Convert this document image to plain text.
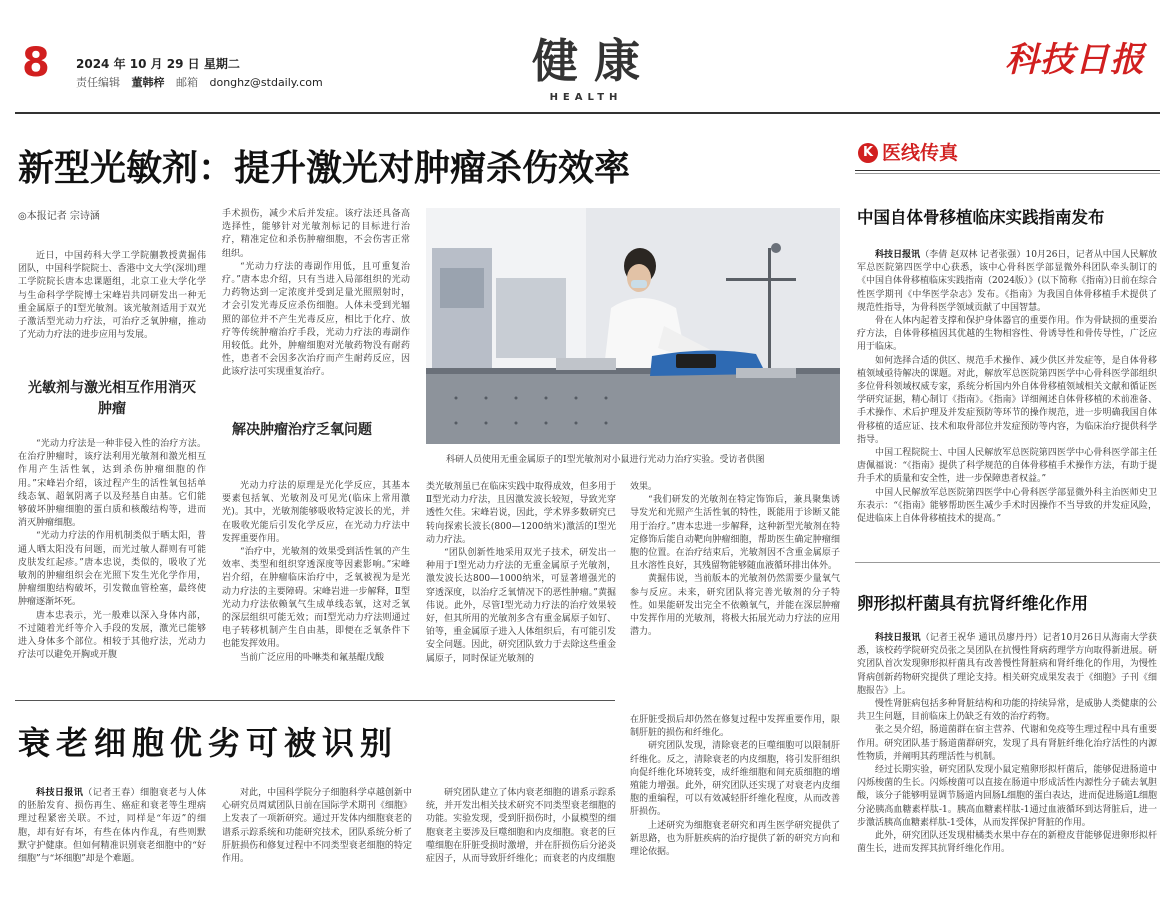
8 2024 年 10 月 29 日 星期二
责任编辑 董韩梓 邮箱 donghz@stdaily.com	健 康
HEALTH
科技日报
新型光敏剂：提升激光对肿瘤杀伤效率
◎本报记者 宗诗涵
近日，中国药科大学工学院蒯教授黄掘伟团队，中国科学院院士、香港中文大学(深圳)理工学院院长唐本忠课题组，北京工业大学化学与生命科学学院博士宋峰岩共同研发出一种无重金属原子的Ⅰ型光敏剂。该光敏剂适用于双光子激活型光动力疗法，可治疗乏氧肿瘤，推动了光动力疗法的进步应用与发展。
光敏剂与激光相互作用消灭肿瘤

“光动力疗法是一种非侵入性的治疗方法。在治疗肿瘤时，该疗法利用光敏剂和激光相互作用产生活性氧，达到杀伤肿瘤细胞的作用。”宋峰岩介绍，该过程产生的活性氧包括单线态氧、超氧阴离子以及羟基自由基。它们能够破坏肿瘤细胞的蛋白质和核酸结构等，进而消灭肿瘤细胞。

“光动力疗法的作用机制类似于晒太阳，普通人晒太阳没有问题，而光过敏人群则有可能皮肤发红起疹。”唐本忠说，类似的，吸收了光敏剂的肿瘤组织会在光照下发生光化学作用，肿瘤细胞结构破坏，引发微血管栓塞，最终使肿瘤逐渐坏死。

唐本忠表示，光一般难以深入身体内部，不过随着光纤等介入手段的发展，激光已能够进入身体多个部位。相较于其他疗法，光动力疗法可以避免开胸或开腹

手术损伤，减少术后并发症。该疗法还具备高选择性，能够针对光敏剂标记的目标进行治疗，精准定位和杀伤肿瘤细胞，不会伤害正常组织。

“光动力疗法的毒副作用低，且可重复治疗。”唐本忠介绍，只有当进入局部组织的光动力药物达到一定浓度并受到足量光照照射时，才会引发光毒反应杀伤细胞。人体未受到光辐照的部位并不产生光毒反应，相比于化疗、放疗等传统肿瘤治疗手段，光动力疗法的毒副作用较低。此外，肿瘤细胞对光敏药物没有耐药性，患者不会因多次治疗而产生耐药反应，因此该疗法可实现重复治疗。

解决肿瘤治疗乏氧问题

光动力疗法的原理是光化学反应，其基本要素包括氧、光敏剂及可见光(临床上常用激光)。其中，光敏剂能够吸收特定波长的光，并在吸收光能后引发化学反应，在光动力疗法中发挥重要作用。

“治疗中，光敏剂的效果受到活性氧的产生效率、类型和组织穿透深度等因素影响。”宋峰岩介绍，在肿瘤临床治疗中，乏氧被视为是光动力疗法的主要障碍。宋峰岩进一步解释，Ⅱ型光动力疗法依赖氧气生成单线态氧，这对乏氧的深层组织可能无效；而Ⅰ型光动力疗法则通过电子转移机制产生自由基，即便在乏氧条件下也能发挥效用。

当前广泛应用的卟啉类和氟基醌戊酸

科研人员使用无重金属原子的Ⅰ型光敏剂对小鼠进行光动力治疗实验。受访者供图

类光敏剂虽已在临床实践中取得成效，但多用于Ⅱ型光动力疗法，且因激发波长较短，导致光穿透性欠佳。宋峰岩说，因此，学术界多数研究已转向探索长波长(800—1200纳米)激活的Ⅰ型光动力疗法。

“团队创新性地采用双光子技术，研发出一种用于Ⅰ型光动力疗法的无重金属原子光敏剂，激发波长达800—1000纳米，可显著增强光的穿透深度，以治疗乏氧情况下的恶性肿瘤。”黄掘伟说。此外，尽管Ⅰ型光动力疗法的治疗效果较好，但其所用的光敏剂多含有重金属原子如钌、铂等，重金属原子进入人体组织后，有可能引发安全问题。因此，研究团队致力于去除这些重金属原子，同时保证光敏剂的

效果。

“我们研发的光敏剂在特定饰饰后，兼具聚集诱导发光和光照产生活性氧的特性，既能用于诊断又能用于治疗。”唐本忠进一步解释，这种新型光敏剂在特定修饰后能自动靶向肿瘤细胞，帮助医生确定肿瘤细胞的位置。在治疗结束后，光敏剂因不含重金属原子且水溶性良好，其残留物能够随血液循环排出体外。

黄掘伟说，当前版本的光敏剂仍然需要少量氧气参与反应。未来，研究团队将完善光敏剂的分子特性。如果能研发出完全不依赖氧气，并能在深层肿瘤中发挥作用的光敏剂，将极大拓展光动力疗法的应用潜力。

衰老细胞优劣可被识别
科技日报讯（记者王春）细胞衰老与人体的胚胎发育、损伤再生、癌症和衰老等生理病理过程紧密关联。不过，同样是“年迈”的细胞，却有好有坏，有些在体内作乱，有些则默默守护健康。但如何精准识别衰老细胞中的“好细胞”与“坏细胞”却是个难题。
对此，中国科学院分子细胞科学卓越创新中心研究员周斌团队日前在国际学术期刊《细胞》上发表了一项新研究。通过开发体内细胞衰老的谱系示踪系统和功能研究技术，团队系统分析了肝脏损伤和修复过程中不同类型衰老细胞的特定作用。
研究团队建立了体内衰老细胞的谱系示踪系统，并开发出相关技术研究不同类型衰老细胞的功能。实验发现，受到肝损伤时，小鼠模型的细胞衰老主要涉及巨噬细胞和内皮细胞。衰老的巨噬细胞在肝脏受损时激增，并在肝损伤后分泌炎症因子，从而导致肝纤维化；而衰老的内皮细胞

在肝脏受损后却仍然在修复过程中发挥重要作用，限制肝脏的损伤和纤维化。

研究团队发现，清除衰老的巨噬细胞可以限制肝纤维化。反之，清除衰老的内皮细胞，将引发肝组织向促纤维化环境转变，成纤维细胞和间充质细胞的增殖能力增强。此外，研究团队还实现了对衰老内皮细胞的重编程，可以有效减轻肝纤维化程度，从而改善肝损伤。

上述研究为细胞衰老研究和再生医学研究提供了新思路，也为肝脏疾病的治疗提供了新的研究方向和理论依据。

K 医线传真
中国自体骨移植临床实践指南发布

科技日报讯（李倩 赵双林 记者张强）10月26日，记者从中国人民解放军总医院第四医学中心获悉，该中心骨科医学部显微外科团队牵头制订的《中国自体骨移植临床实践指南（2024版）》(以下简称《指南》)日前在综合性医学期刊《中华医学杂志》发布。《指南》为我国自体骨移植手术提供了规范性指导，为骨科医学领域贡献了中国智慧。

骨在人体内起着支撑和保护身体器官的重要作用。作为骨缺损的重要治疗方法，自体骨移植因其优越的生物相容性、骨诱导性和骨传导性，广泛应用于临床。

如何选择合适的供区、规范手术操作、减少供区并发症等，是自体骨移植领域亟待解决的课题。对此，解放军总医院第四医学中心骨科医学部组织多位骨科领域权威专家，系统分析国内外自体骨移植领域相关文献和循证医学研究证据，精心制订《指南》。《指南》详细阐述自体骨移植的术前准备、手术操作、术后护理及并发症预防等环节的操作规范，进一步明确我国自体骨移植的适应证、技术和取骨部位并发症预防等内容，为临床治疗提供科学指导。

中国工程院院士、中国人民解放军总医院第四医学中心骨科医学部主任唐佩福说：“《指南》提供了科学规范的自体骨移植手术操作方法，有助于提升手术的质量和安全性，进一步保障患者权益。”

中国人民解放军总医院第四医学中心骨科医学部显微外科主治医师史卫东表示：“《指南》能够帮助医生减少手术时因操作不当导致的并发症风险，促进临床上自体骨移植技术的提高。”

卵形拟杆菌具有抗肾纤维化作用

科技日报讯（记者王祝华 通讯员廖丹丹）记者10月26日从海南大学获悉，该校药学院研究员张之昊团队在抗慢性肾病药理学方向取得新进展。研究团队首次发现卵形拟杆菌具有改善慢性肾脏病和肾纤维化的作用，为慢性肾病创新药物研究提供了理论支持。相关研究成果发表于《细胞》子刊《细胞报告》上。

慢性肾脏病包括多种肾脏结构和功能的持续异常，是威胁人类健康的公共卫生问题，目前临床上仍缺乏有效的治疗药物。

张之昊介绍，肠道菌群在宿主营养、代谢和免疫等生理过程中具有重要作用。研究团队基于肠道菌群研究，发现了具有肾脏纤维化治疗活性的内源性物质，并阐明其药理活性与机制。

经过长期实验，研究团队发现小鼠定殖卵形拟杆菌后，能够促进肠道中闪烁梭菌的生长。闪烁梭菌可以直接在肠道中形成活性内源性分子硫去氧胆酸，该分子能够明显调节肠道内回肠L细胞的蛋白表达，进而促进肠道L细胞分泌胰高血糖素样肽-1。胰高血糖素样肽-1通过血液循环到达肾脏后，进一步激活胰高血糖素样肽-1受体，从而发挥保护肾脏的作用。

此外，研究团队还发现柑橘类水果中存在的新橙皮苷能够促进卵形拟杆菌生长，进而发挥其抗肾纤维化作用。
